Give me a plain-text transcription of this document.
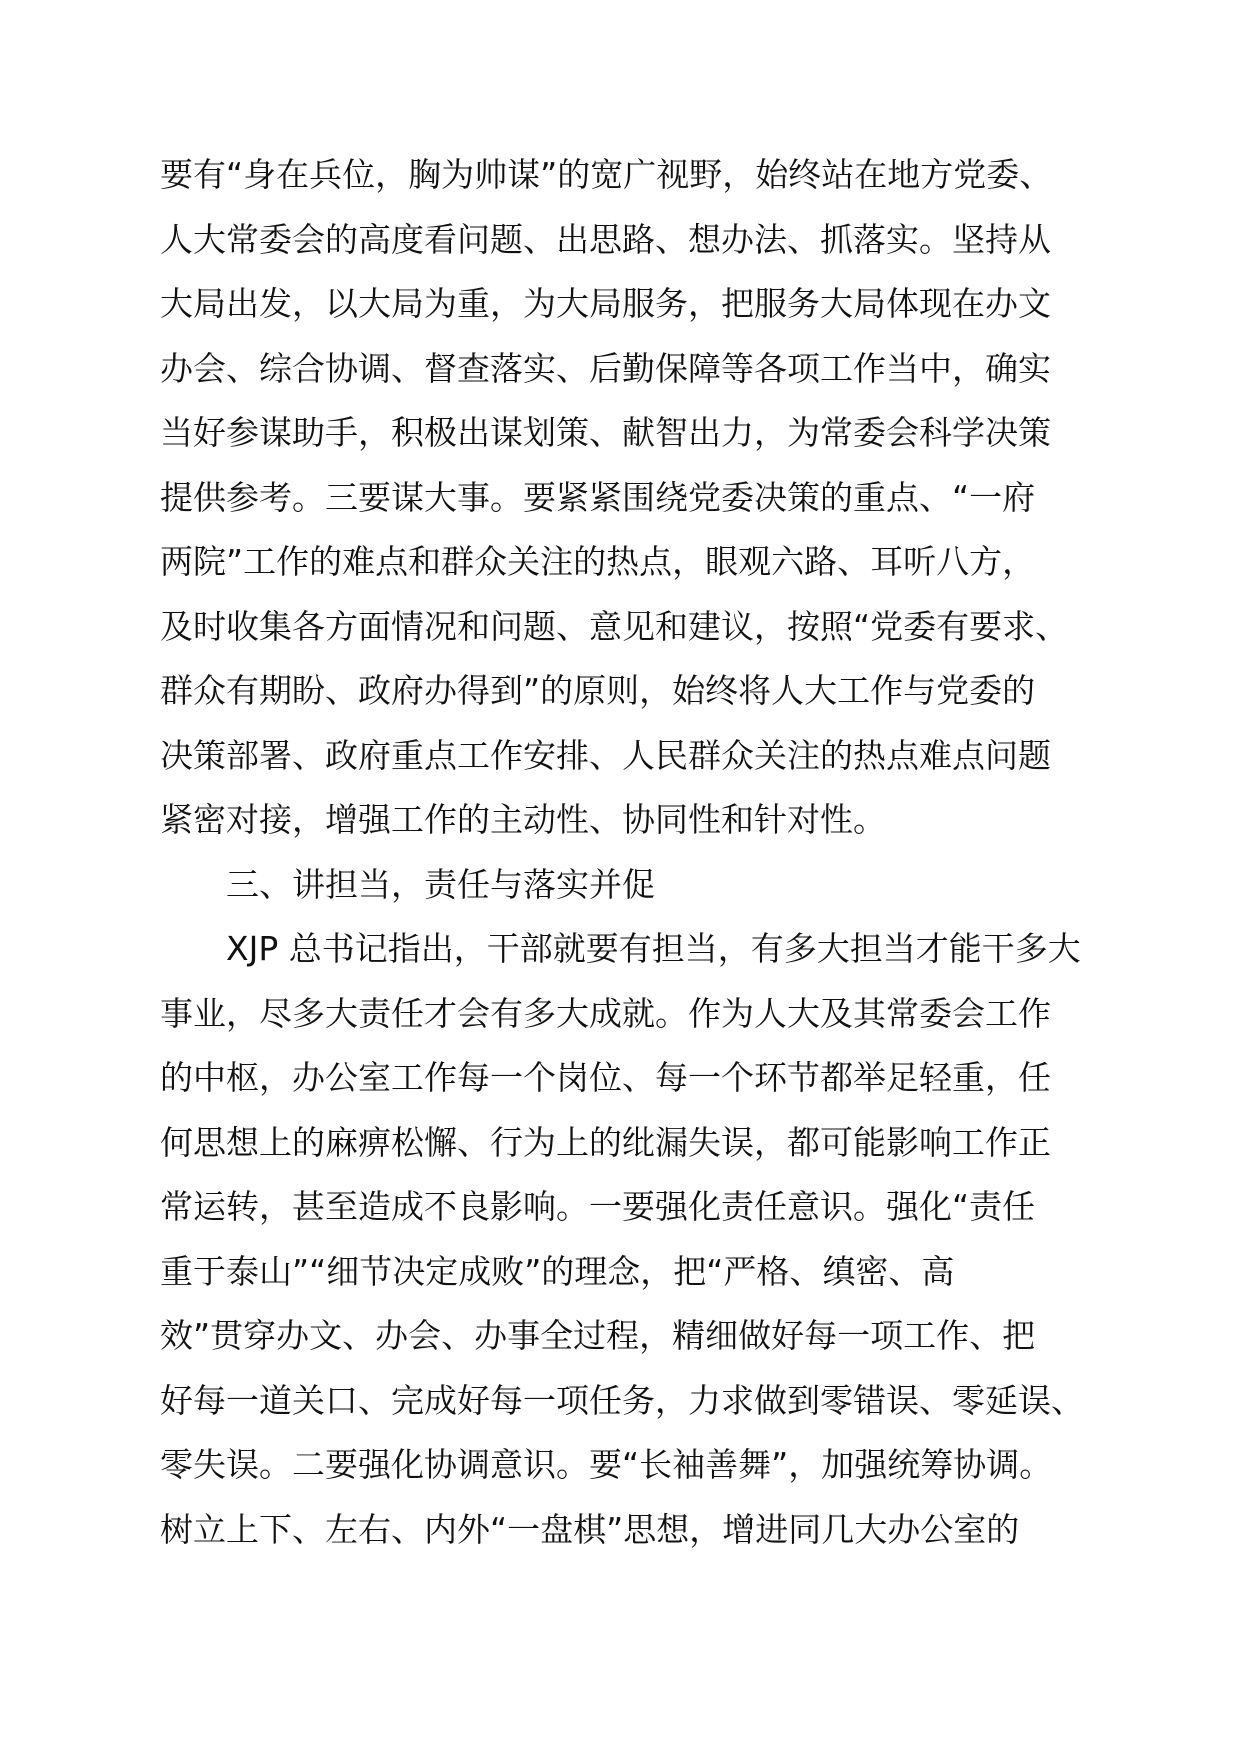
要有“身在兵位，胸为帅谋”的宽广视野，始终站在地方党委、
人大常委会的高度看问题、出思路、想办法、抓落实。坚持从
大局出发，以大局为重，为大局服务，把服务大局体现在办文
办会、综合协调、督查落实、后勤保障等各项工作当中，确实
当好参谋助手，积极出谋划策、献智出力，为常委会科学决策
提供参考。三要谋大事。要紧紧围绕党委决策的重点、“一府
两院”工作的难点和群众关注的热点，眼观六路、耳听八方，
及时收集各方面情况和问题、意见和建议，按照“党委有要求、
群众有期盼、政府办得到”的原则，始终将人大工作与党委的
决策部署、政府重点工作安排、人民群众关注的热点难点问题
紧密对接，增强工作的主动性、协同性和针对性。
三、讲担当，责任与落实并促
XJP 总书记指出，干部就要有担当，有多大担当才能干多大
事业，尽多大责任才会有多大成就。作为人大及其常委会工作
的中枢，办公室工作每一个岗位、每一个环节都举足轻重，任
何思想上的麻痹松懈、行为上的纰漏失误，都可能影响工作正
常运转，甚至造成不良影响。一要强化责任意识。强化“责任
重于泰山”“细节决定成败”的理念，把“严格、缜密、高
效”贯穿办文、办会、办事全过程，精细做好每一项工作、把
好每一道关口、完成好每一项任务，力求做到零错误、零延误、
零失误。二要强化协调意识。要“长袖善舞”，加强统筹协调。
树立上下、左右、内外“一盘棋”思想，增进同几大办公室的
